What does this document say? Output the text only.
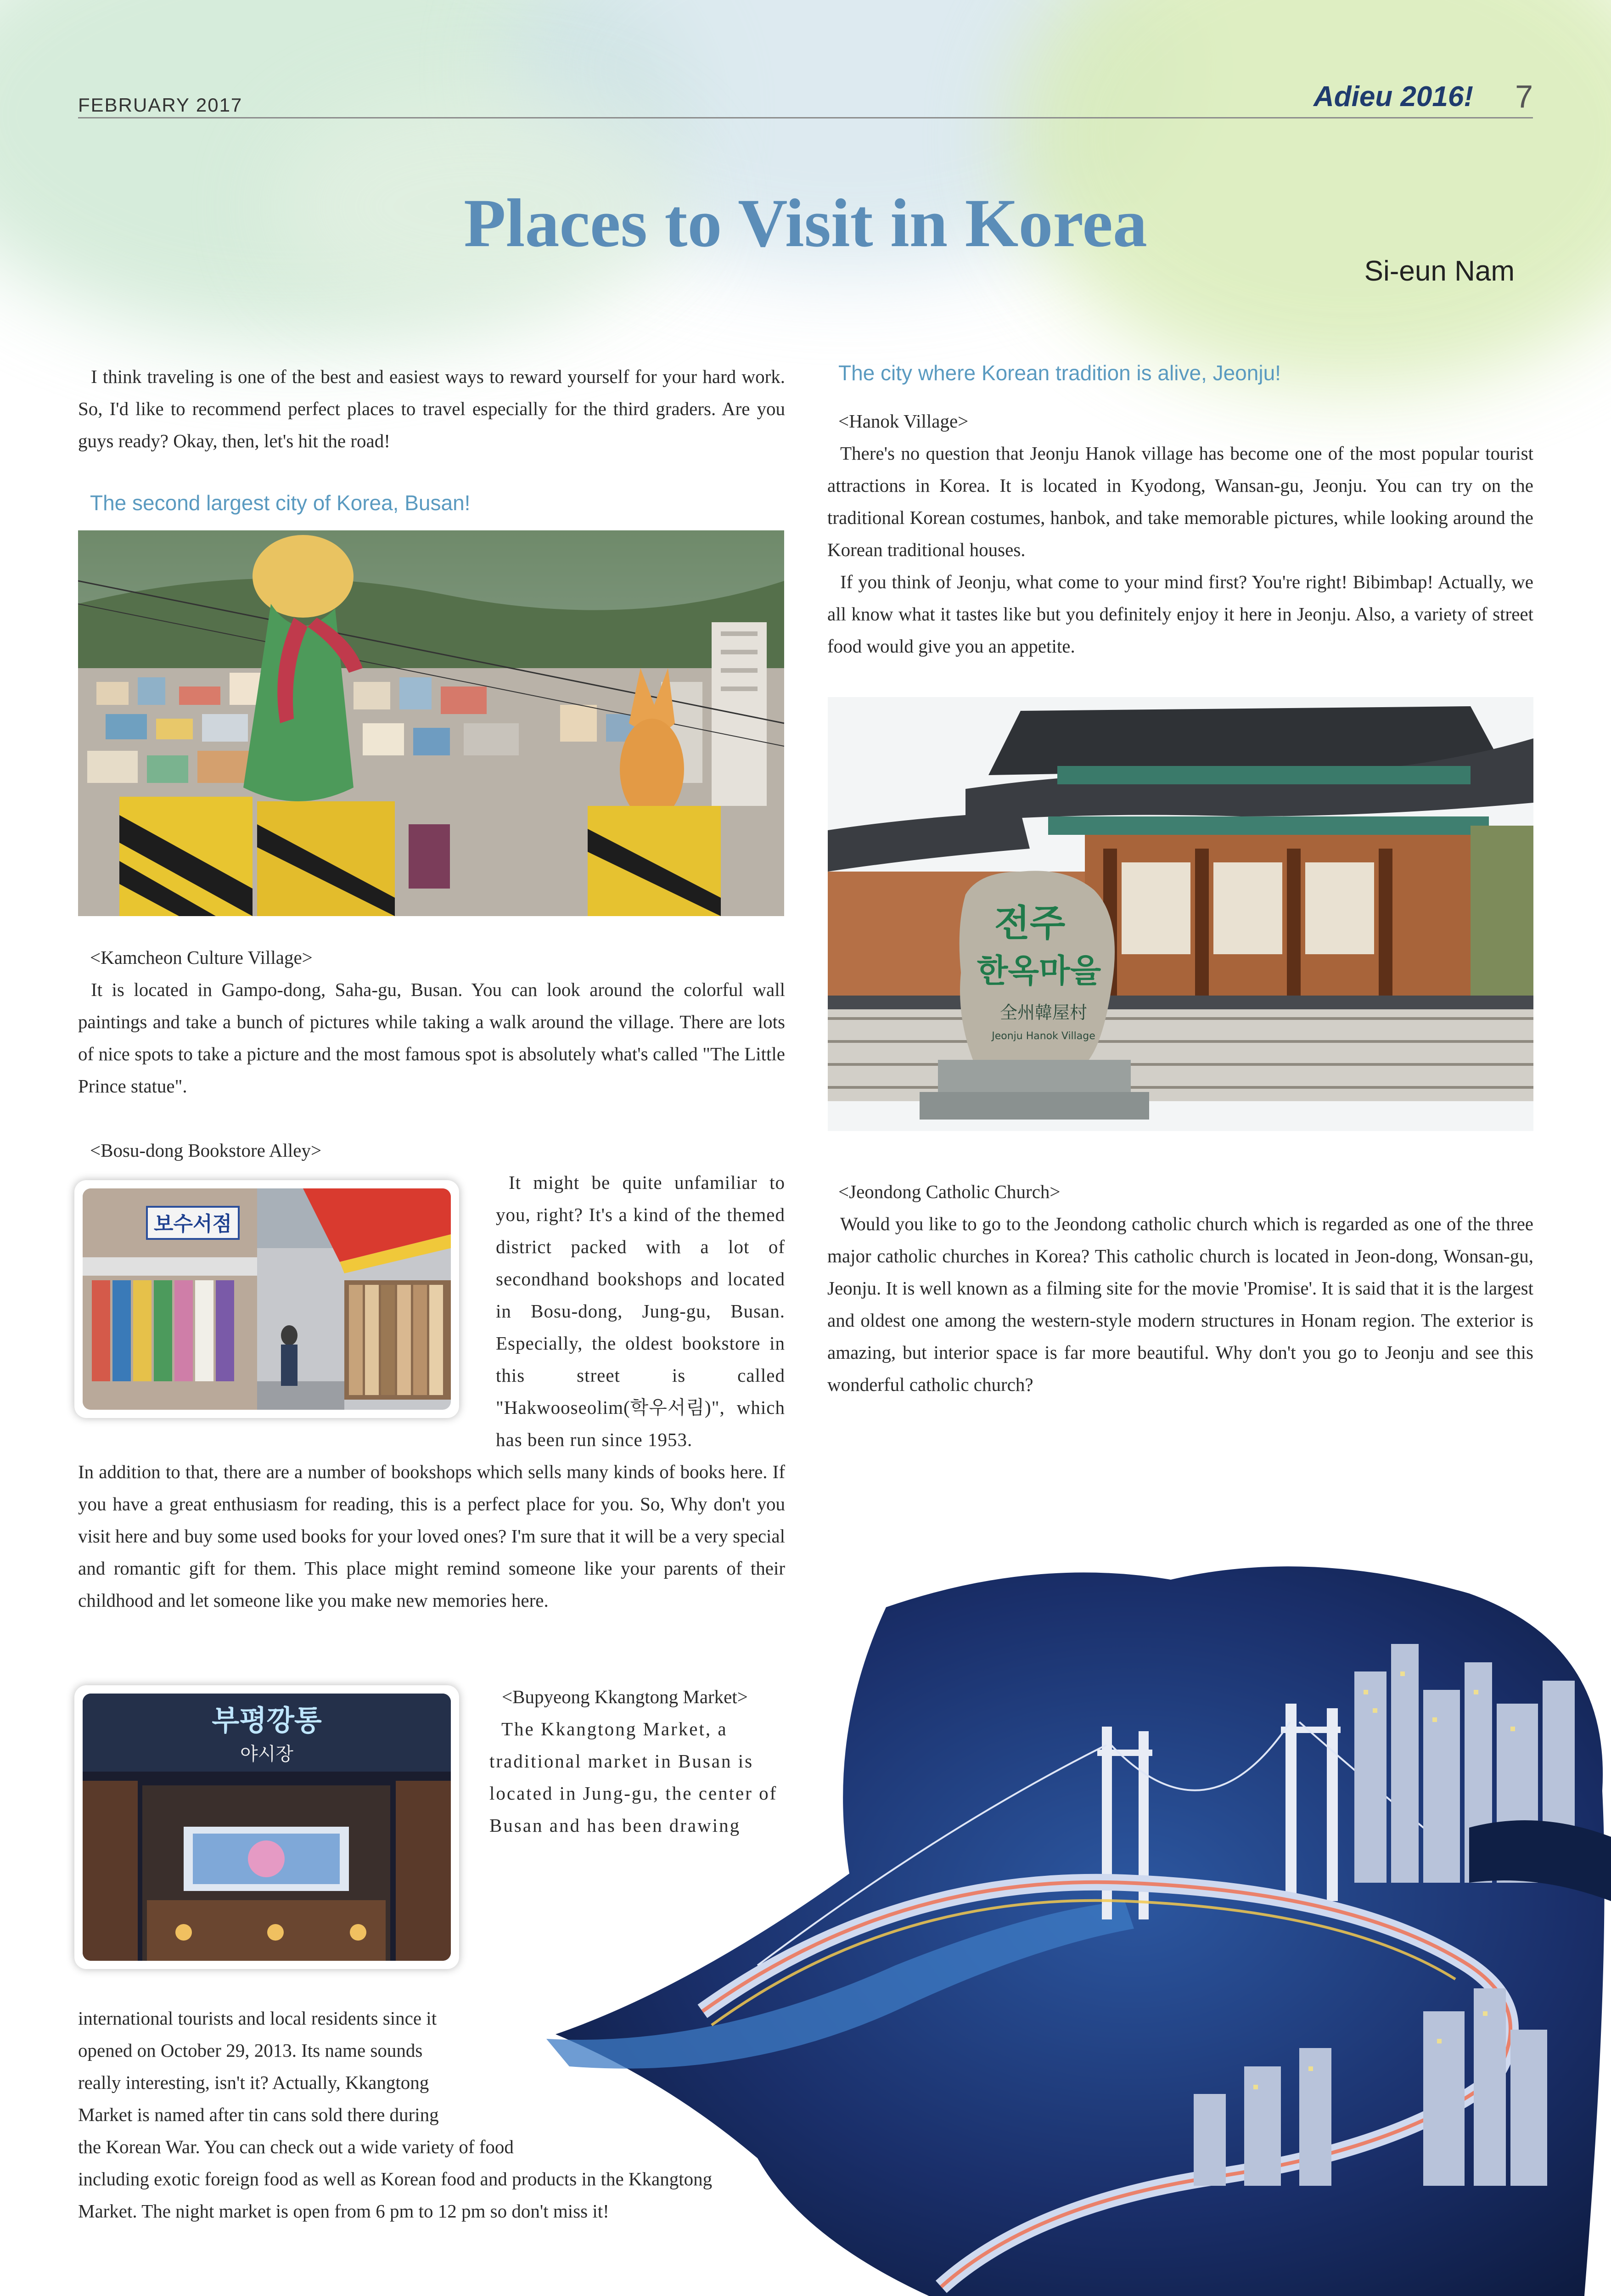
FEBRUARY 2017	Adieu 2016! 7
Places to Visit in Korea
Si-eun Nam

I think traveling is one of the best and easiest ways to reward yourself for your hard work. So, I'd like to recommend perfect places to travel especially for the third graders. Are you guys ready? Okay, then, let's hit the road!

The second largest city of Korea, Busan!
<Kamcheon Culture Village>

It is located in Gampo-dong, Saha-gu, Busan. You can look around the colorful wall paintings and take a bunch of pictures while taking a walk around the village. There are lots of nice spots to take a picture and the most famous spot is absolutely what's called "The Little Prince statue".

<Bosu-dong Bookstore Alley>
보수서점

It might be quite unfamiliar to you, right? It's a kind of the themed district packed with a lot of secondhand bookshops and located in Bosu-dong, Jung-gu, Busan. Especially, the oldest bookstore in this street is called "Hakwooseolim(학우서림)", which has been run since 1953.

In addition to that, there are a number of bookshops which sells many kinds of books here. If you have a great enthusiasm for reading, this is a perfect place for you. So, Why don't you visit here and buy some used books for your loved ones? I'm sure that it will be a very special and romantic gift for them. This place might remind someone like your parents of their childhood and let someone like you make new memories here.

<Bupyeong Kkangtong Market>
부평깡통
야시장

The Kkangtong Market, a traditional market in Busan is located in Jung-gu, the center of Busan and has been drawing

international tourists and local residents since it
opened on October 29, 2013. Its name sounds
really interesting, isn't it? Actually, Kkangtong
Market is named after tin cans sold there during
the Korean War. You can check out a wide variety of food
including exotic foreign food as well as Korean food and products in the Kkangtong
Market. The night market is open from 6 pm to 12 pm so don't miss it!
The city where Korean tradition is alive, Jeonju!
<Hanok Village>

There's no question that Jeonju Hanok village has become one of the most popular tourist attractions in Korea. It is located in Kyodong, Wansan-gu, Jeonju. You can try on the traditional Korean costumes, hanbok, and take memorable pictures, while looking around the Korean traditional houses.

If you think of Jeonju, what come to your mind first? You're right! Bibimbap! Actually, we all know what it tastes like but you definitely enjoy it here in Jeonju. Also, a variety of street food would give you an appetite.

전주
한옥마을
全州韓屋村
Jeonju Hanok Village
<Jeondong Catholic Church>

Would you like to go to the Jeondong catholic church which is regarded as one of the three major catholic churches in Korea? This catholic church is located in Jeon-dong, Wonsan-gu, Jeonju. It is well known as a filming site for the movie 'Promise'. It is said that it is the largest and oldest one among the western-style modern structures in Honam region. The exterior is amazing, but interior space is far more beautiful. Why don't you go to Jeonju and see this wonderful catholic church?
